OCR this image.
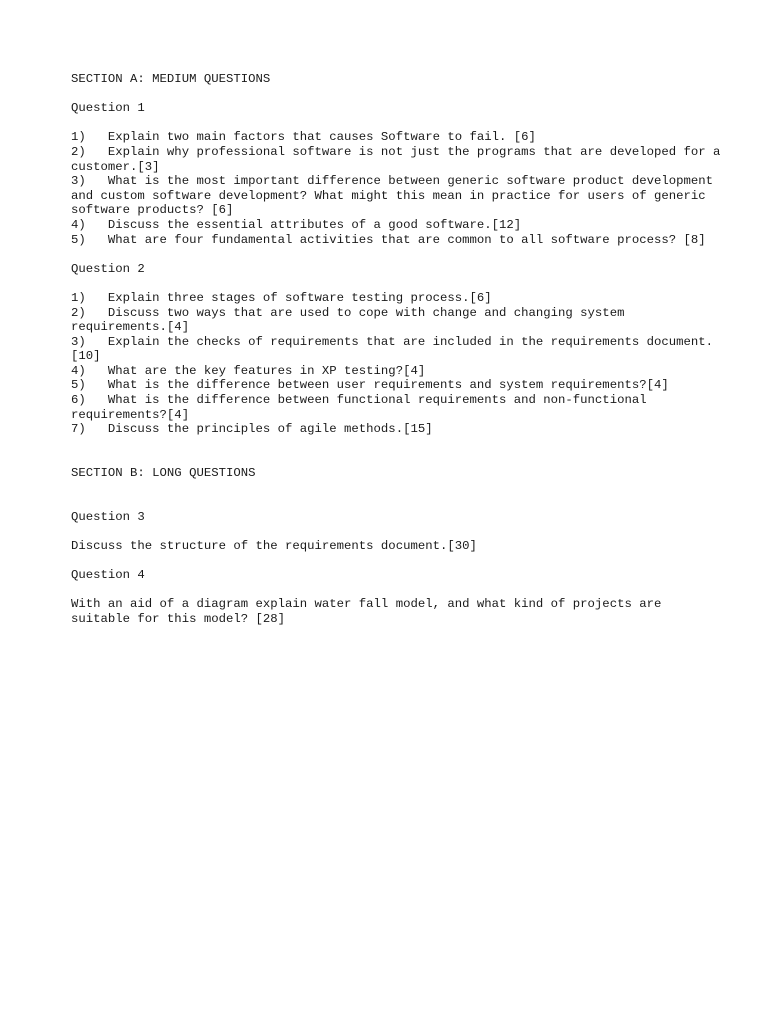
SECTION A: MEDIUM QUESTIONS
Question 1
1)   Explain two main factors that causes Software to fail. [6]
2)   Explain why professional software is not just the programs that are developed for a customer.[3]
3)   What is the most important difference between generic software product development and custom software development? What might this mean in practice for users of generic  software products? [6]
4)   Discuss the essential attributes of a good software.[12]
5)   What are four fundamental activities that are common to all software process? [8]
Question 2
1)   Explain three stages of software testing process.[6]
2)   Discuss two ways that are used to cope with change and changing system requirements.[4]
3)   Explain the checks of requirements that are included in the requirements document.[10]
4)   What are the key features in XP testing?[4]
5)   What is the difference between user requirements and system requirements?[4]
6)   What is the difference between functional requirements and non-functional requirements?[4]
7)   Discuss the principles of agile methods.[15]
SECTION B: LONG QUESTIONS
Question 3
Discuss the structure of the requirements document.[30]
Question 4
With an aid of a diagram explain water fall model, and what kind of projects are suitable for this model? [28]
